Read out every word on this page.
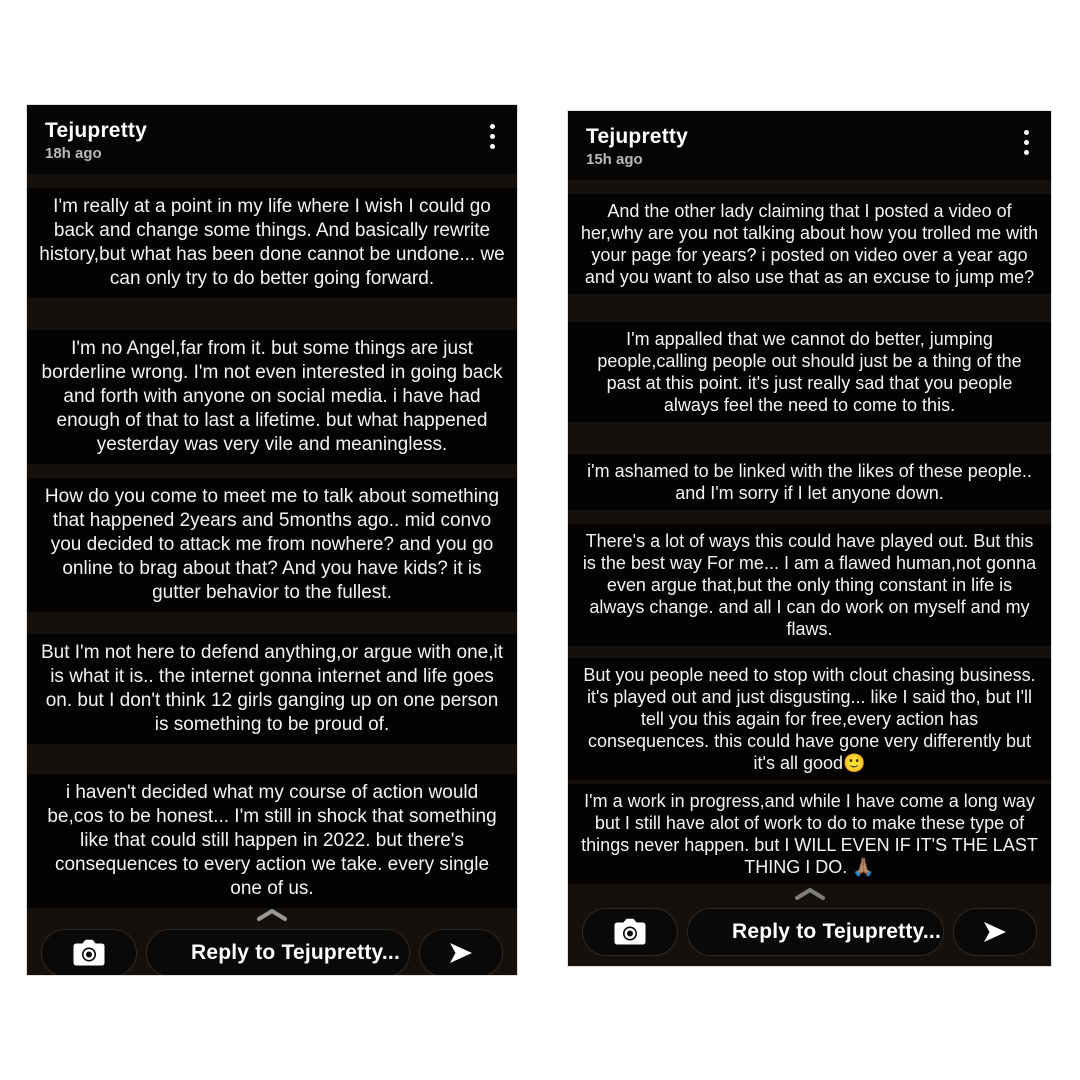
Tejupretty
18h ago
I'm really at a point in my life where I wish I could go back and change some things. And basically rewrite history,but what has been done cannot be undone... we can only try to do better going forward.
I'm no Angel,far from it. but some things are just borderline wrong. I'm not even interested in going back and forth with anyone on social media. i have had enough of that to last a lifetime. but what happened yesterday was very vile and meaningless.
How do you come to meet me to talk about something that happened 2years and 5months ago.. mid convo you decided to attack me from nowhere? and you go online to brag about that? And you have kids? it is gutter behavior to the fullest.
But I'm not here to defend anything,or argue with one,it is what it is.. the internet gonna internet and life goes on. but I don't think 12 girls ganging up on one person is something to be proud of.
i haven't decided what my course of action would be,cos to be honest... I'm still in shock that something like that could still happen in 2022. but there's consequences to every action we take. every single one of us.
Reply to Tejupretty...
Tejupretty
15h ago
And the other lady claiming that I posted a video of her,why are you not talking about how you trolled me with your page for years? i posted on video over a year ago and you want to also use that as an excuse to jump me?
I'm appalled that we cannot do better, jumping people,calling people out should just be a thing of the past at this point. it's just really sad that you people always feel the need to come to this.
i'm ashamed to be linked with the likes of these people.. and I'm sorry if I let anyone down.
There's a lot of ways this could have played out. But this is the best way For me... I am a flawed human,not gonna even argue that,but the only thing constant in life is always change. and all I can do work on myself and my flaws.
But you people need to stop with clout chasing business. it's played out and just disgusting... like I said tho, but I'll tell you this again for free,every action has consequences. this could have gone very differently but it's all good🙂
I'm a work in progress,and while I have come a long way but I still have alot of work to do to make these type of things never happen. but I WILL EVEN IF IT'S THE LAST THING I DO. 🙏🏽
Reply to Tejupretty...
